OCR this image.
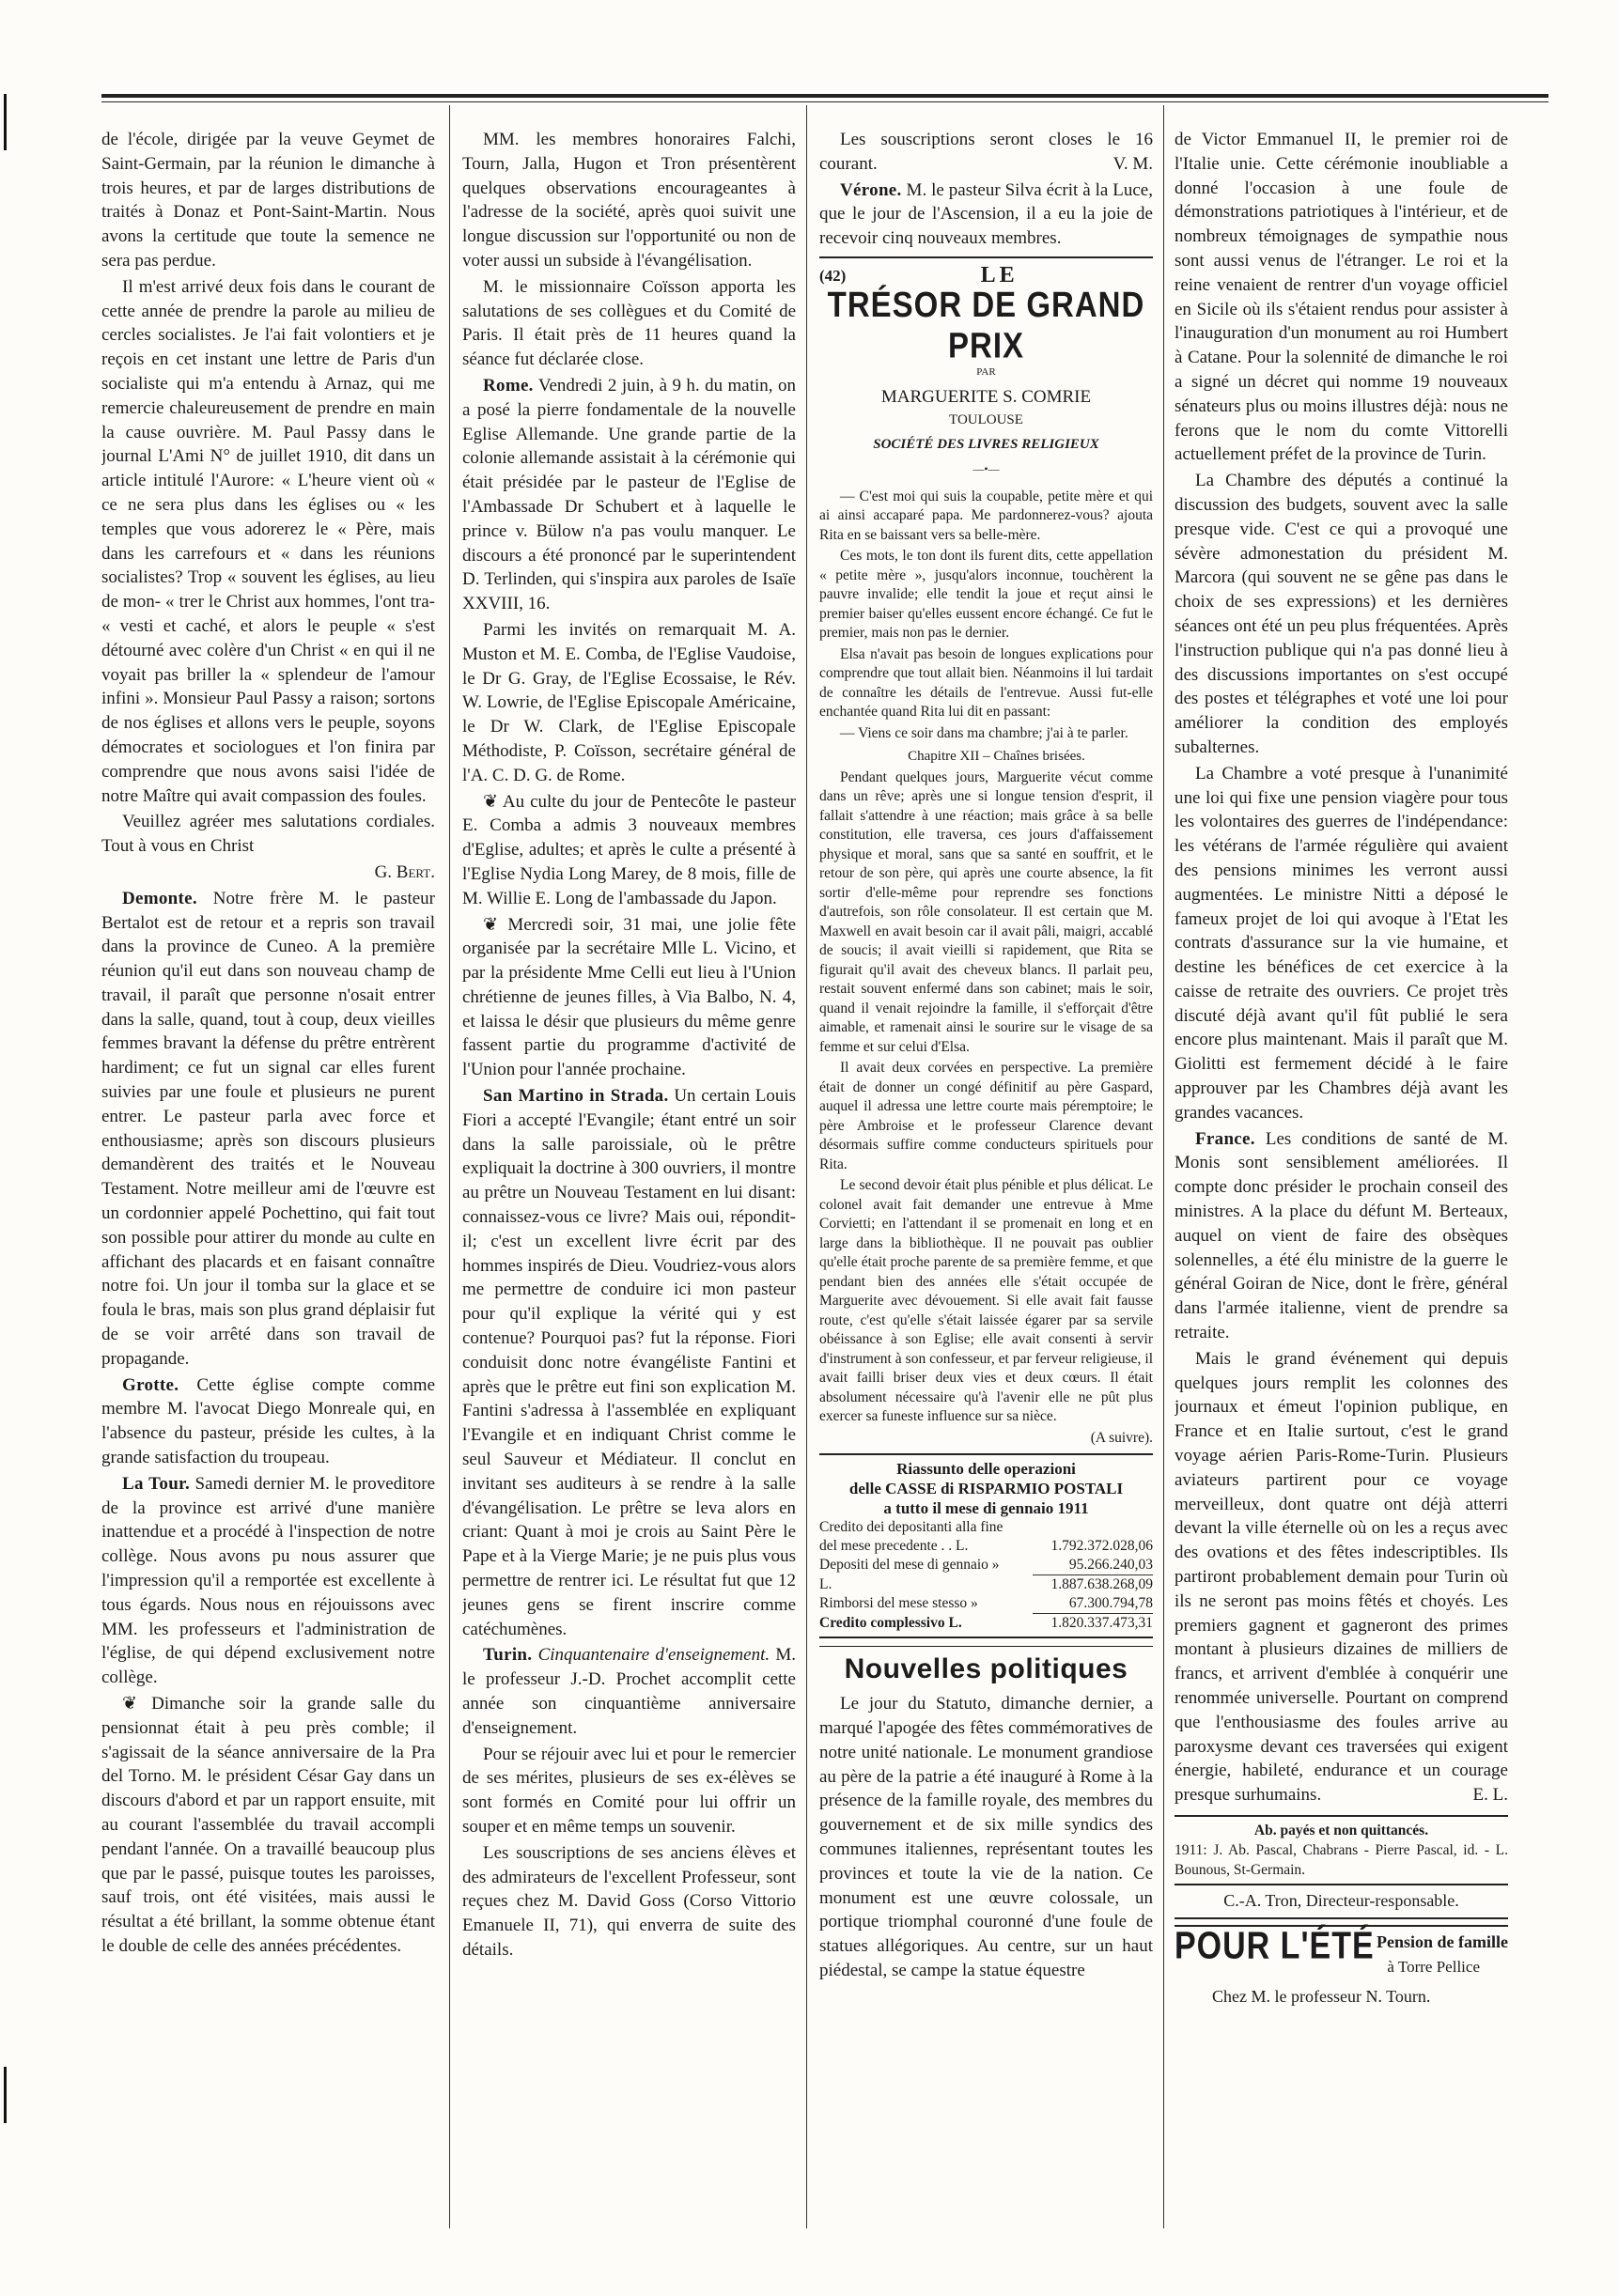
de l'école, dirigée par la veuve Geymet de Saint-Germain, par la réunion le dimanche à trois heures, et par de larges distributions de traités à Donaz et Pont-Saint-Martin. Nous avons la certitude que toute la semence ne sera pas perdue.

Il m'est arrivé deux fois dans le courant de cette année de prendre la parole au milieu de cercles socialistes. Je l'ai fait volontiers et je reçois en cet instant une lettre de Paris d'un socialiste qui m'a entendu à Arnaz, qui me remercie chaleureusement de prendre en main la cause ouvrière. M. Paul Passy dans le journal L'Ami N° de juillet 1910, dit dans un article intitulé l'Aurore: « L'heure vient où « ce ne sera plus dans les églises ou « les temples que vous adorerez le « Père, mais dans les carrefours et « dans les réunions socialistes? Trop « souvent les églises, au lieu de mon- « trer le Christ aux hommes, l'ont tra- « vesti et caché, et alors le peuple « s'est détourné avec colère d'un Christ « en qui il ne voyait pas briller la « splendeur de l'amour infini ». Monsieur Paul Passy a raison; sortons de nos églises et allons vers le peuple, soyons démocrates et sociologues et l'on finira par comprendre que nous avons saisi l'idée de notre Maître qui avait compassion des foules.

Veuillez agréer mes salutations cordiales. Tout à vous en Christ

G. Bert.

Demonte. Notre frère M. le pasteur Bertalot est de retour et a repris son travail dans la province de Cuneo. A la première réunion qu'il eut dans son nouveau champ de travail, il paraît que personne n'osait entrer dans la salle, quand, tout à coup, deux vieilles femmes bravant la défense du prêtre entrèrent hardiment; ce fut un signal car elles furent suivies par une foule et plusieurs ne purent entrer. Le pasteur parla avec force et enthousiasme; après son discours plusieurs demandèrent des traités et le Nouveau Testament. Notre meilleur ami de l'œuvre est un cordonnier appelé Pochettino, qui fait tout son possible pour attirer du monde au culte en affichant des placards et en faisant connaître notre foi. Un jour il tomba sur la glace et se foula le bras, mais son plus grand déplaisir fut de se voir arrêté dans son travail de propagande.

Grotte. Cette église compte comme membre M. l'avocat Diego Monreale qui, en l'absence du pasteur, préside les cultes, à la grande satisfaction du troupeau.

La Tour. Samedi dernier M. le proveditore de la province est arrivé d'une manière inattendue et a procédé à l'inspection de notre collège. Nous avons pu nous assurer que l'impression qu'il a remportée est excellente à tous égards. Nous nous en réjouissons avec MM. les professeurs et l'administration de l'église, de qui dépend exclusivement notre collège.

❦ Dimanche soir la grande salle du pensionnat était à peu près comble; il s'agissait de la séance anniversaire de la Pra del Torno. M. le président César Gay dans un discours d'abord et par un rapport ensuite, mit au courant l'assemblée du travail accompli pendant l'année. On a travaillé beaucoup plus que par le passé, puisque toutes les paroisses, sauf trois, ont été visitées, mais aussi le résultat a été brillant, la somme obtenue étant le double de celle des années précédentes.

MM. les membres honoraires Falchi, Tourn, Jalla, Hugon et Tron présentèrent quelques observations encourageantes à l'adresse de la société, après quoi suivit une longue discussion sur l'opportunité ou non de voter aussi un subside à l'évangélisation.

M. le missionnaire Coïsson apporta les salutations de ses collègues et du Comité de Paris. Il était près de 11 heures quand la séance fut déclarée close.

Rome. Vendredi 2 juin, à 9 h. du matin, on a posé la pierre fondamentale de la nouvelle Eglise Allemande. Une grande partie de la colonie allemande assistait à la cérémonie qui était présidée par le pasteur de l'Eglise de l'Ambassade Dr Schubert et à laquelle le prince v. Bülow n'a pas voulu manquer. Le discours a été prononcé par le superintendent D. Terlinden, qui s'inspira aux paroles de Isaïe XXVIII, 16.

Parmi les invités on remarquait M. A. Muston et M. E. Comba, de l'Eglise Vaudoise, le Dr G. Gray, de l'Eglise Ecossaise, le Rév. W. Lowrie, de l'Eglise Episcopale Américaine, le Dr W. Clark, de l'Eglise Episcopale Méthodiste, P. Coïsson, secrétaire général de l'A. C. D. G. de Rome.

❦ Au culte du jour de Pentecôte le pasteur E. Comba a admis 3 nouveaux membres d'Eglise, adultes; et après le culte a présenté à l'Eglise Nydia Long Marey, de 8 mois, fille de M. Willie E. Long de l'ambassade du Japon.

❦ Mercredi soir, 31 mai, une jolie fête organisée par la secrétaire Mlle L. Vicino, et par la présidente Mme Celli eut lieu à l'Union chrétienne de jeunes filles, à Via Balbo, N. 4, et laissa le désir que plusieurs du même genre fassent partie du programme d'activité de l'Union pour l'année prochaine.

San Martino in Strada. Un certain Louis Fiori a accepté l'Evangile; étant entré un soir dans la salle paroissiale, où le prêtre expliquait la doctrine à 300 ouvriers, il montre au prêtre un Nouveau Testament en lui disant: connaissez-vous ce livre? Mais oui, répondit-il; c'est un excellent livre écrit par des hommes inspirés de Dieu. Voudriez-vous alors me permettre de conduire ici mon pasteur pour qu'il explique la vérité qui y est contenue? Pourquoi pas? fut la réponse. Fiori conduisit donc notre évangéliste Fantini et après que le prêtre eut fini son explication M. Fantini s'adressa à l'assemblée en expliquant l'Evangile et en indiquant Christ comme le seul Sauveur et Médiateur. Il conclut en invitant ses auditeurs à se rendre à la salle d'évangélisation. Le prêtre se leva alors en criant: Quant à moi je crois au Saint Père le Pape et à la Vierge Marie; je ne puis plus vous permettre de rentrer ici. Le résultat fut que 12 jeunes gens se firent inscrire comme catéchumènes.

Turin. Cinquantenaire d'enseignement. M. le professeur J.-D. Prochet accomplit cette année son cinquantième anniversaire d'enseignement.

Pour se réjouir avec lui et pour le remercier de ses mérites, plusieurs de ses ex-élèves se sont formés en Comité pour lui offrir un souper et en même temps un souvenir.

Les souscriptions de ses anciens élèves et des admirateurs de l'excellent Professeur, sont reçues chez M. David Goss (Corso Vittorio Emanuele II, 71), qui enverra de suite des détails.

Les souscriptions seront closes le 16 courant.	V. M.

Vérone. M. le pasteur Silva écrit à la Luce, que le jour de l'Ascension, il a eu la joie de recevoir cinq nouveaux membres.

(42)	LE
TRÉSOR DE GRAND PRIX
PAR
MARGUERITE S. COMRIE
TOULOUSE
SOCIÉTÉ DES LIVRES RELIGIEUX
—•—

— C'est moi qui suis la coupable, petite mère et qui ai ainsi accaparé papa. Me pardonnerez-vous? ajouta Rita en se baissant vers sa belle-mère.

Ces mots, le ton dont ils furent dits, cette appellation « petite mère », jusqu'alors inconnue, touchèrent la pauvre invalide; elle tendit la joue et reçut ainsi le premier baiser qu'elles eussent encore échangé. Ce fut le premier, mais non pas le dernier.

Elsa n'avait pas besoin de longues explications pour comprendre que tout allait bien. Néanmoins il lui tardait de connaître les détails de l'entrevue. Aussi fut-elle enchantée quand Rita lui dit en passant:

— Viens ce soir dans ma chambre; j'ai à te parler.

Chapitre XII – Chaînes brisées.

Pendant quelques jours, Marguerite vécut comme dans un rêve; après une si longue tension d'esprit, il fallait s'attendre à une réaction; mais grâce à sa belle constitution, elle traversa, ces jours d'affaissement physique et moral, sans que sa santé en souffrit, et le retour de son père, qui après une courte absence, la fit sortir d'elle-même pour reprendre ses fonctions d'autrefois, son rôle consolateur. Il est certain que M. Maxwell en avait besoin car il avait pâli, maigri, accablé de soucis; il avait vieilli si rapidement, que Rita se figurait qu'il avait des cheveux blancs. Il parlait peu, restait souvent enfermé dans son cabinet; mais le soir, quand il venait rejoindre la famille, il s'efforçait d'être aimable, et ramenait ainsi le sourire sur le visage de sa femme et sur celui d'Elsa.

Il avait deux corvées en perspective. La première était de donner un congé définitif au père Gaspard, auquel il adressa une lettre courte mais péremptoire; le père Ambroise et le professeur Clarence devant désormais suffire comme conducteurs spirituels pour Rita.

Le second devoir était plus pénible et plus délicat. Le colonel avait fait demander une entrevue à Mme Corvietti; en l'attendant il se promenait en long et en large dans la bibliothèque. Il ne pouvait pas oublier qu'elle était proche parente de sa première femme, et que pendant bien des années elle s'était occupée de Marguerite avec dévouement. Si elle avait fait fausse route, c'est qu'elle s'était laissée égarer par sa servile obéissance à son Eglise; elle avait consenti à servir d'instrument à son confesseur, et par ferveur religieuse, il avait failli briser deux vies et deux cœurs. Il était absolument nécessaire qu'à l'avenir elle ne pût plus exercer sa funeste influence sur sa nièce.

(A suivre).

Riassunto delle operazioni
delle CASSE di RISPARMIO POSTALI
a tutto il mese di gennaio 1911
Credito dei depositanti alla fine	
del mese precedente . . L.	1.792.372.028,06
Depositi del mese di gennaio »	95.266.240,03
L.	1.887.638.268,09
Rimborsi del mese stesso »	67.300.794,78
Credito complessivo L.	1.820.337.473,31
Nouvelles politiques

Le jour du Statuto, dimanche dernier, a marqué l'apogée des fêtes commémoratives de notre unité nationale. Le monument grandiose au père de la patrie a été inauguré à Rome à la présence de la famille royale, des membres du gouvernement et de six mille syndics des communes italiennes, représentant toutes les provinces et toute la vie de la nation. Ce monument est une œuvre colossale, un portique triomphal couronné d'une foule de statues allégoriques. Au centre, sur un haut piédestal, se campe la statue équestre

de Victor Emmanuel II, le premier roi de l'Italie unie. Cette cérémonie inoubliable a donné l'occasion à une foule de démonstrations patriotiques à l'intérieur, et de nombreux témoignages de sympathie nous sont aussi venus de l'étranger. Le roi et la reine venaient de rentrer d'un voyage officiel en Sicile où ils s'étaient rendus pour assister à l'inauguration d'un monument au roi Humbert à Catane. Pour la solennité de dimanche le roi a signé un décret qui nomme 19 nouveaux sénateurs plus ou moins illustres déjà: nous ne ferons que le nom du comte Vittorelli actuellement préfet de la province de Turin.

La Chambre des députés a continué la discussion des budgets, souvent avec la salle presque vide. C'est ce qui a provoqué une sévère admonestation du président M. Marcora (qui souvent ne se gêne pas dans le choix de ses expressions) et les dernières séances ont été un peu plus fréquentées. Après l'instruction publique qui n'a pas donné lieu à des discussions importantes on s'est occupé des postes et télégraphes et voté une loi pour améliorer la condition des employés subalternes.

La Chambre a voté presque à l'unanimité une loi qui fixe une pension viagère pour tous les volontaires des guerres de l'indépendance: les vétérans de l'armée régulière qui avaient des pensions minimes les verront aussi augmentées. Le ministre Nitti a déposé le fameux projet de loi qui avoque à l'Etat les contrats d'assurance sur la vie humaine, et destine les bénéfices de cet exercice à la caisse de retraite des ouvriers. Ce projet très discuté déjà avant qu'il fût publié le sera encore plus maintenant. Mais il paraît que M. Giolitti est fermement décidé à le faire approuver par les Chambres déjà avant les grandes vacances.

France. Les conditions de santé de M. Monis sont sensiblement améliorées. Il compte donc présider le prochain conseil des ministres. A la place du défunt M. Berteaux, auquel on vient de faire des obsèques solennelles, a été élu ministre de la guerre le général Goiran de Nice, dont le frère, général dans l'armée italienne, vient de prendre sa retraite.

Mais le grand événement qui depuis quelques jours remplit les colonnes des journaux et émeut l'opinion publique, en France et en Italie surtout, c'est le grand voyage aérien Paris-Rome-Turin. Plusieurs aviateurs partirent pour ce voyage merveilleux, dont quatre ont déjà atterri devant la ville éternelle où on les a reçus avec des ovations et des fêtes indescriptibles. Ils partiront probablement demain pour Turin où ils ne seront pas moins fêtés et choyés. Les premiers gagnent et gagneront des primes montant à plusieurs dizaines de milliers de francs, et arrivent d'emblée à conquérir une renommée universelle. Pourtant on comprend que l'enthousiasme des foules arrive au paroxysme devant ces traversées qui exigent énergie, habileté, endurance et un courage presque surhumains.	E. L.

Ab. payés et non quittancés.
1911: J. Ab. Pascal, Chabrans - Pierre Pascal, id. - L. Bounous, St-Germain.
C.-A. Tron, Directeur-responsable.
POUR L'ÉTÉ Pension de famille
à Torre Pellice
Chez M. le professeur N. Tourn.
